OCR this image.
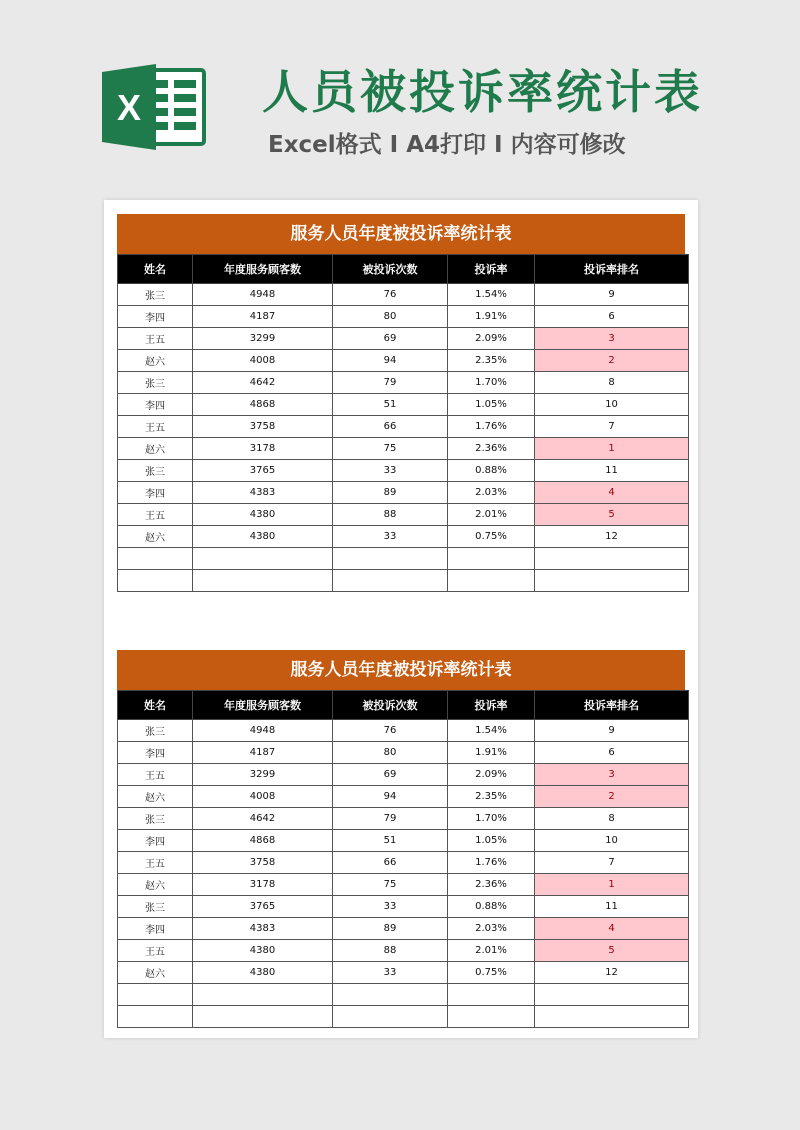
X	人员被投诉率统计表
Excel格式 I A4打印 I 内容可修改
服务人员年度被投诉率统计表
姓名	年度服务顾客数	被投诉次数	投诉率	投诉率排名
张三	4948	76	1.54%	9
李四	4187	80	1.91%	6
王五	3299	69	2.09%	3
赵六	4008	94	2.35%	2
张三	4642	79	1.70%	8
李四	4868	51	1.05%	10
王五	3758	66	1.76%	7
赵六	3178	75	2.36%	1
张三	3765	33	0.88%	11
李四	4383	89	2.03%	4
王五	4380	88	2.01%	5
赵六	4380	33	0.75%	12

服务人员年度被投诉率统计表
姓名	年度服务顾客数	被投诉次数	投诉率	投诉率排名
张三	4948	76	1.54%	9
李四	4187	80	1.91%	6
王五	3299	69	2.09%	3
赵六	4008	94	2.35%	2
张三	4642	79	1.70%	8
李四	4868	51	1.05%	10
王五	3758	66	1.76%	7
赵六	3178	75	2.36%	1
张三	3765	33	0.88%	11
李四	4383	89	2.03%	4
王五	4380	88	2.01%	5
赵六	4380	33	0.75%	12
